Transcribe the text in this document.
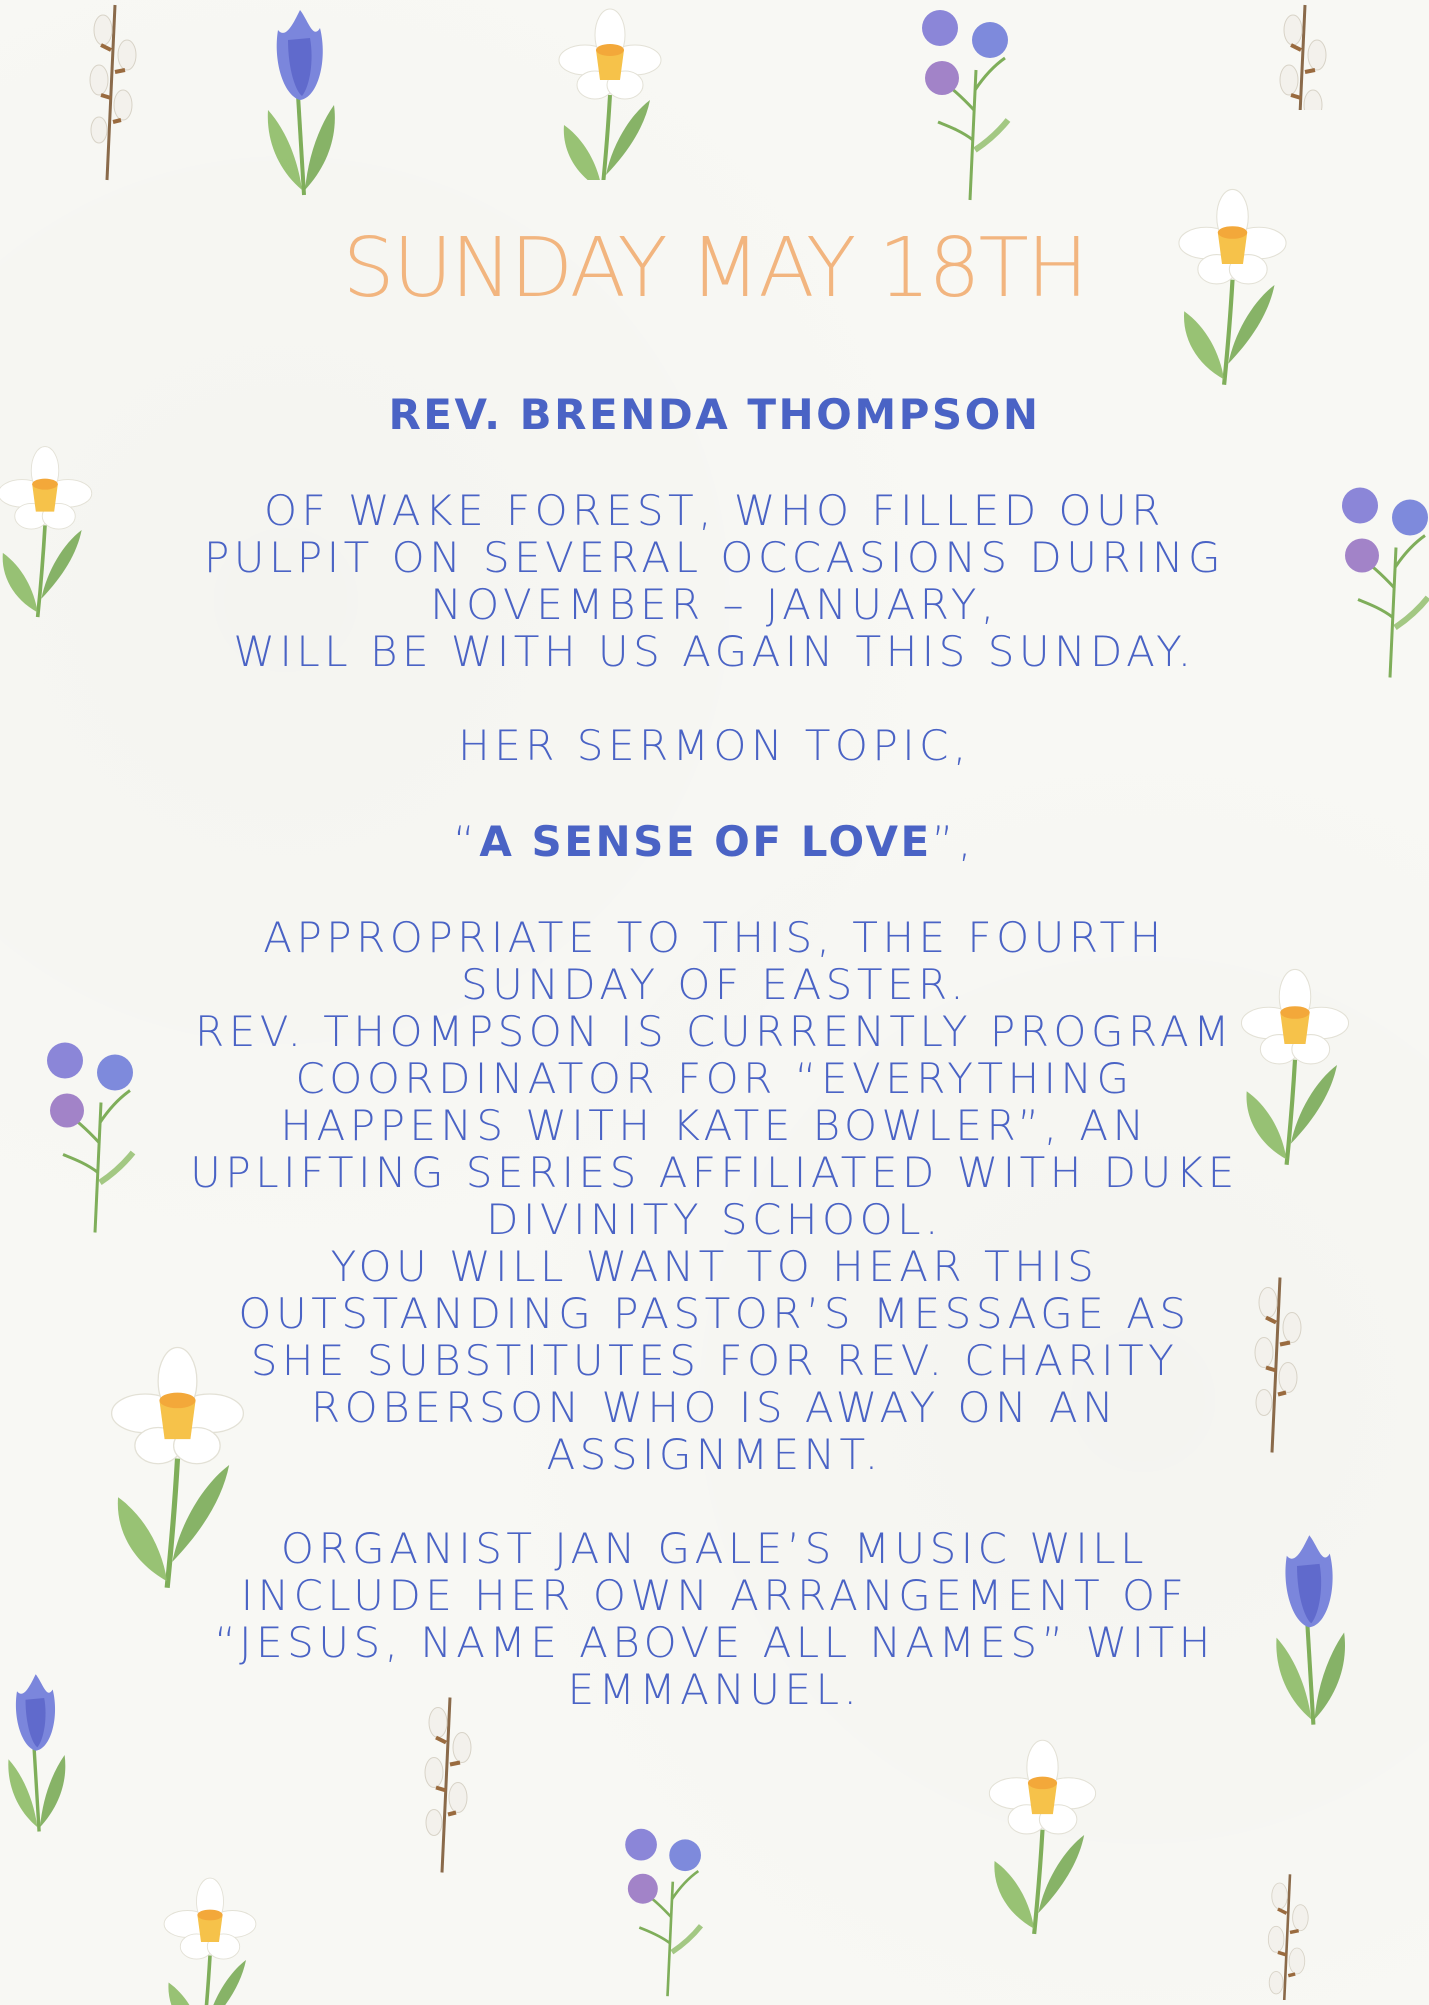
SUNDAY MAY 18TH

REV. BRENDA THOMPSON

OF WAKE FOREST, WHO FILLED OUR

PULPIT ON SEVERAL OCCASIONS DURING

NOVEMBER – JANUARY,

WILL BE WITH US AGAIN THIS SUNDAY.

HER SERMON TOPIC,

“A SENSE OF LOVE”,

APPROPRIATE TO THIS, THE FOURTH

SUNDAY OF EASTER.

REV. THOMPSON IS CURRENTLY PROGRAM

COORDINATOR FOR “EVERYTHING

HAPPENS WITH KATE BOWLER”, AN

UPLIFTING SERIES AFFILIATED WITH DUKE

DIVINITY SCHOOL.

YOU WILL WANT TO HEAR THIS

OUTSTANDING PASTOR’S MESSAGE AS

SHE SUBSTITUTES FOR REV. CHARITY

ROBERSON WHO IS AWAY ON AN

ASSIGNMENT.

ORGANIST JAN GALE’S MUSIC WILL

INCLUDE HER OWN ARRANGEMENT OF

“JESUS, NAME ABOVE ALL NAMES” WITH

EMMANUEL.
